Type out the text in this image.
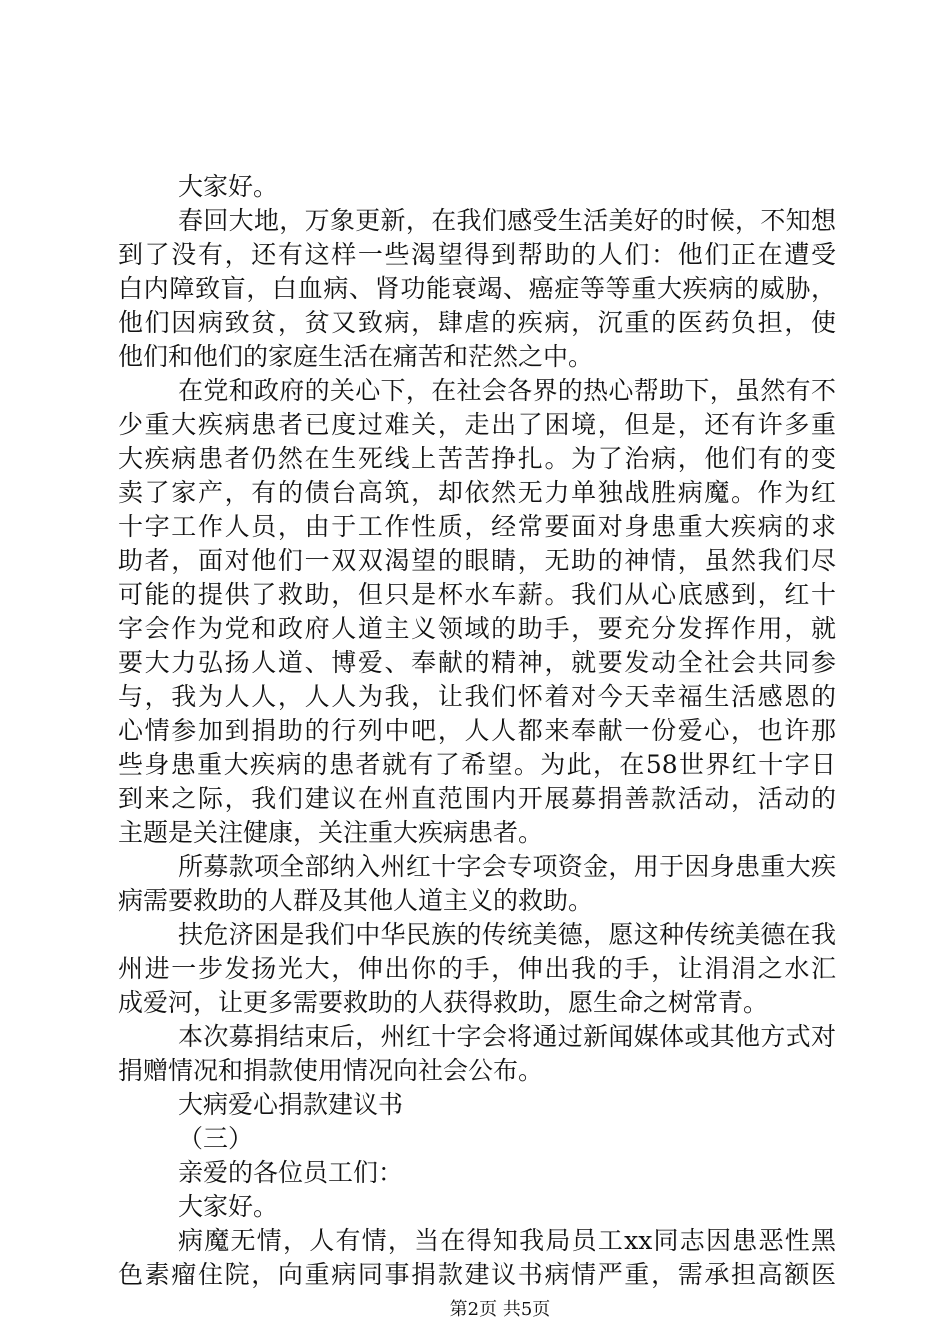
大家好。
春回大地，万象更新，在我们感受生活美好的时候，不知想
到了没有，还有这样一些渴望得到帮助的人们：他们正在遭受
白内障致盲，白血病、肾功能衰竭、癌症等等重大疾病的威胁，
他们因病致贫，贫又致病，肆虐的疾病，沉重的医药负担，使
他们和他们的家庭生活在痛苦和茫然之中。
在党和政府的关心下，在社会各界的热心帮助下，虽然有不
少重大疾病患者已度过难关，走出了困境，但是，还有许多重
大疾病患者仍然在生死线上苦苦挣扎。为了治病，他们有的变
卖了家产，有的债台高筑，却依然无力单独战胜病魔。作为红
十字工作人员，由于工作性质，经常要面对身患重大疾病的求
助者，面对他们一双双渴望的眼睛，无助的神情，虽然我们尽
可能的提供了救助，但只是杯水车薪。我们从心底感到，红十
字会作为党和政府人道主义领域的助手，要充分发挥作用，就
要大力弘扬人道、博爱、奉献的精神，就要发动全社会共同参
与，我为人人，人人为我，让我们怀着对今天幸福生活感恩的
心情参加到捐助的行列中吧，人人都来奉献一份爱心，也许那
些身患重大疾病的患者就有了希望。为此，在58世界红十字日
到来之际，我们建议在州直范围内开展募捐善款活动，活动的
主题是关注健康，关注重大疾病患者。
所募款项全部纳入州红十字会专项资金，用于因身患重大疾
病需要救助的人群及其他人道主义的救助。
扶危济困是我们中华民族的传统美德，愿这种传统美德在我
州进一步发扬光大，伸出你的手，伸出我的手，让涓涓之水汇
成爱河，让更多需要救助的人获得救助，愿生命之树常青。
本次募捐结束后，州红十字会将通过新闻媒体或其他方式对
捐赠情况和捐款使用情况向社会公布。
大病爱心捐款建议书
（三）
亲爱的各位员工们：
大家好。
病魔无情，人有情，当在得知我局员工xx同志因患恶性黑
色素瘤住院，向重病同事捐款建议书病情严重，需承担高额医
第2页 共5页
